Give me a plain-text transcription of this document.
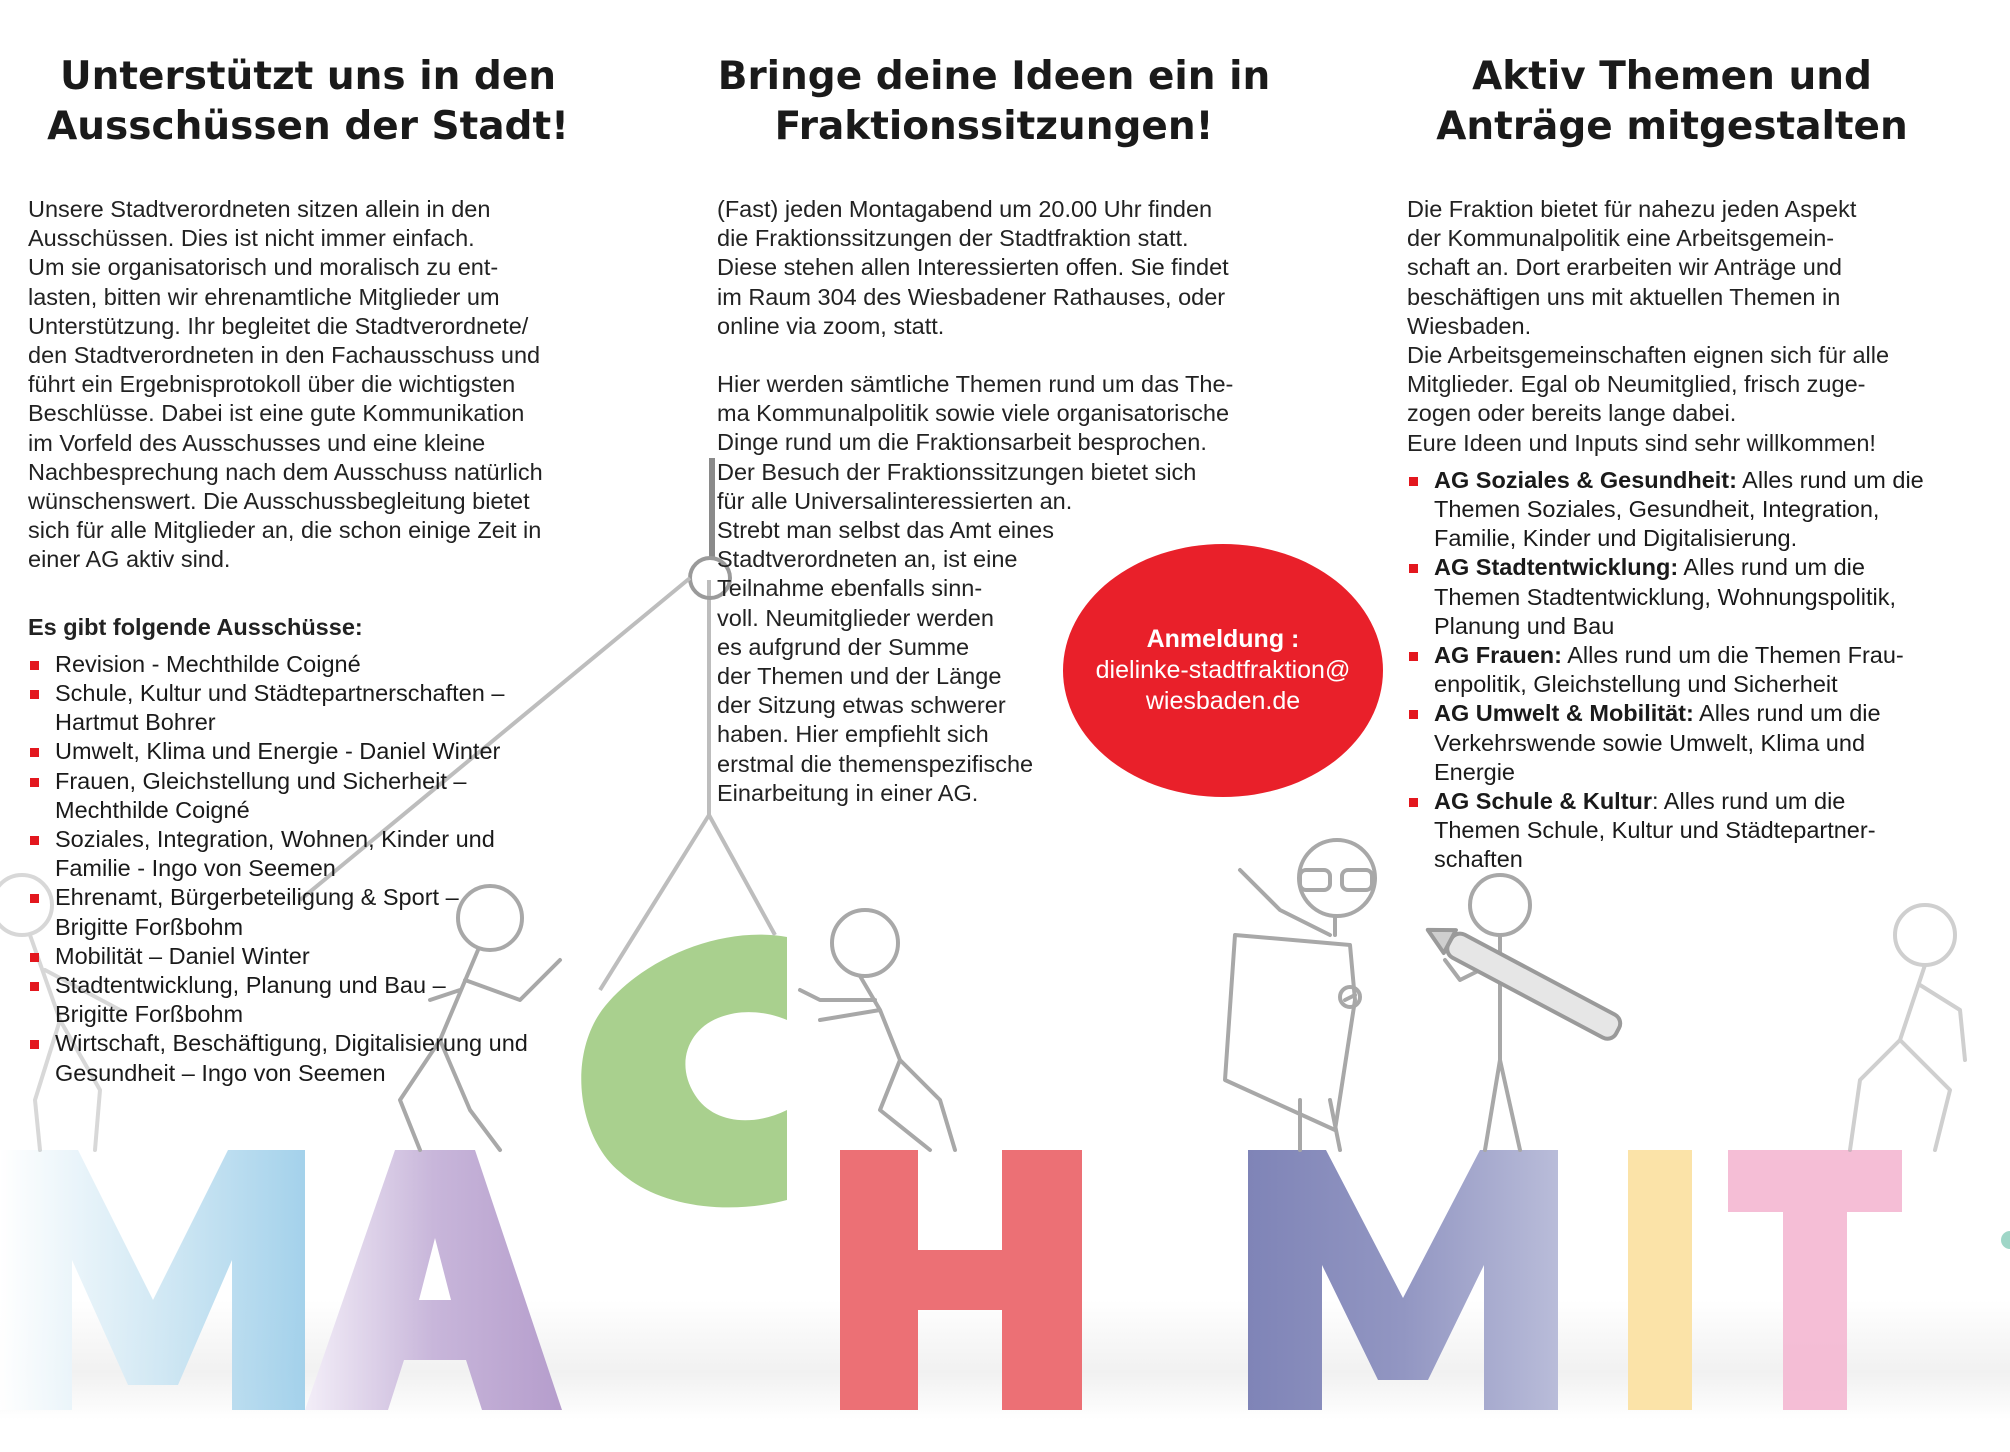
Unterstützt uns in den
Ausschüssen der Stadt!

Unsere Stadtverordneten sitzen allein in den
Ausschüssen. Dies ist nicht immer einfach.
Um sie organisatorisch und moralisch zu ent-
lasten, bitten wir ehrenamtliche Mitglieder um
Unterstützung. Ihr begleitet die Stadtverordnete/
den Stadtverordneten in den Fachausschuss und
führt ein Ergebnisprotokoll über die wichtigsten
Beschlüsse. Dabei ist eine gute Kommunikation
im Vorfeld des Ausschusses und eine kleine
Nachbesprechung nach dem Ausschuss natürlich
wünschenswert. Die Ausschussbegleitung bietet
sich für alle Mitglieder an, die schon einige Zeit in
einer AG aktiv sind.

Es gibt folgende Ausschüsse:
Revision - Mechthilde Coigné
Schule, Kultur und Städtepartnerschaften –
Hartmut Bohrer
Umwelt, Klima und Energie - Daniel Winter
Frauen, Gleichstellung und Sicherheit –
Mechthilde Coigné
Soziales, Integration, Wohnen, Kinder und
Familie - Ingo von Seemen
Ehrenamt, Bürgerbeteiligung & Sport –
Brigitte Forßbohm
Mobilität – Daniel Winter
Stadtentwicklung, Planung und Bau –
Brigitte Forßbohm
Wirtschaft, Beschäftigung, Digitalisierung und
Gesundheit – Ingo von Seemen
Bringe deine Ideen ein in
Fraktionssitzungen!

(Fast) jeden Montagabend um 20.00 Uhr finden
die Fraktionssitzungen der Stadtfraktion statt.
Diese stehen allen Interessierten offen. Sie findet
im Raum 304 des Wiesbadener Rathauses, oder
online via zoom, statt.

Hier werden sämtliche Themen rund um das The-
ma Kommunalpolitik sowie viele organisatorische
Dinge rund um die Fraktionsarbeit besprochen.
Der Besuch der Fraktionssitzungen bietet sich
für alle Universalinteressierten an.
Strebt man selbst das Amt eines
Stadtverordneten an, ist eine
Teilnahme ebenfalls sinn-
voll. Neumitglieder werden
es aufgrund der Summe
der Themen und der Länge
der Sitzung etwas schwerer
haben. Hier empfiehlt sich
erstmal die themenspezifische
Einarbeitung in einer AG.

Anmeldung :
dielinke-stadtfraktion@
wiesbaden.de
Aktiv Themen und
Anträge mitgestalten

Die Fraktion bietet für nahezu jeden Aspekt
der Kommunalpolitik eine Arbeitsgemein-
schaft an. Dort erarbeiten wir Anträge und
beschäftigen uns mit aktuellen Themen in
Wiesbaden.
Die Arbeitsgemeinschaften eignen sich für alle
Mitglieder. Egal ob Neumitglied, frisch zuge-
zogen oder bereits lange dabei.
Eure Ideen und Inputs sind sehr willkommen!

AG Soziales & Gesundheit: Alles rund um die
Themen Soziales, Gesundheit, Integration,
Familie, Kinder und Digitalisierung.
AG Stadtentwicklung: Alles rund um die
Themen Stadtentwicklung, Wohnungspolitik,
Planung und Bau
AG Frauen: Alles rund um die Themen Frau-
enpolitik, Gleichstellung und Sicherheit
AG Umwelt & Mobilität: Alles rund um die
Verkehrswende sowie Umwelt, Klima und
Energie
AG Schule & Kultur: Alles rund um die
Themen Schule, Kultur und Städtepartner-
schaften
